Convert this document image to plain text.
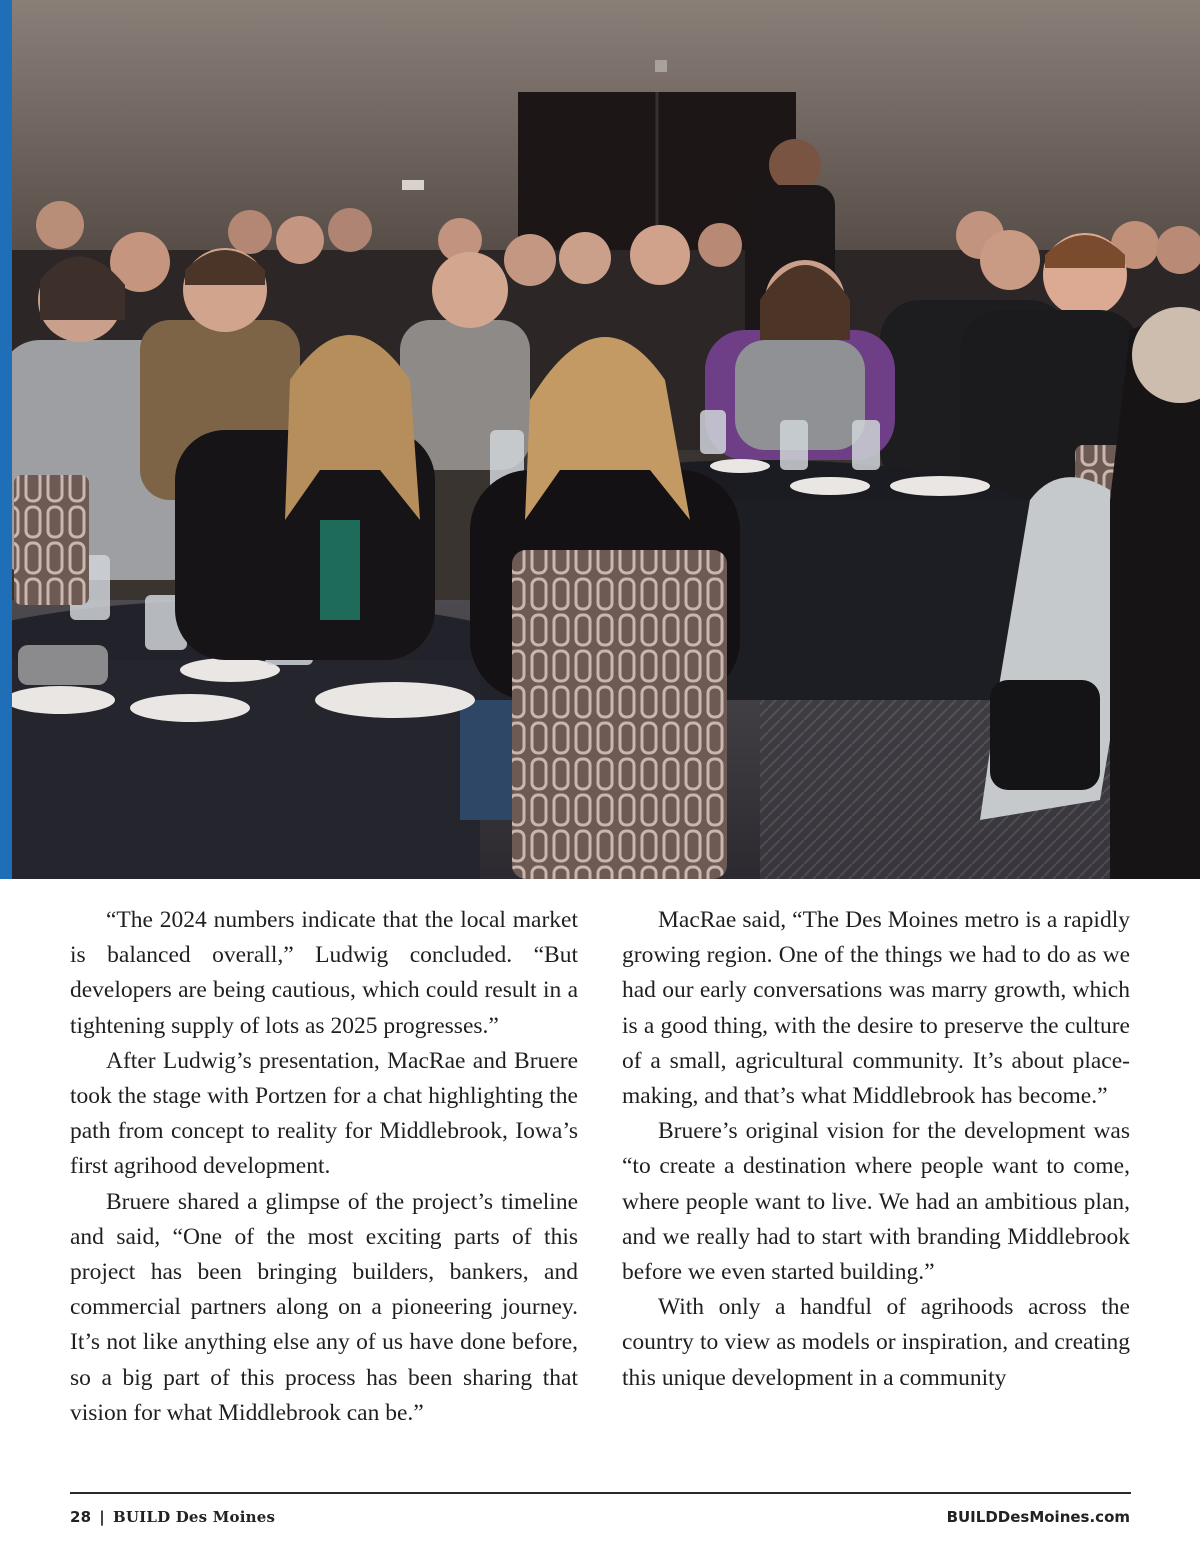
“The 2024 numbers indicate that the local market is balanced overall,” Ludwig concluded. “But developers are being cautious, which could result in a tightening supply of lots as 2025 progresses.”

After Ludwig’s presentation, MacRae and Bruere took the stage with Portzen for a chat highlighting the path from concept to reality for Middlebrook, Iowa’s first agrihood development.

Bruere shared a glimpse of the project’s timeline and said, “One of the most exciting parts of this project has been bringing builders, bankers, and commercial partners along on a pioneering journey. It’s not like anything else any of us have done before, so a big part of this process has been sharing that vision for what Middlebrook can be.”

MacRae said, “The Des Moines metro is a rapidly growing region. One of the things we had to do as we had our early conversations was marry growth, which is a good thing, with the desire to preserve the culture of a small, agricultural community. It’s about place-making, and that’s what Middlebrook has become.”

Bruere’s original vision for the development was “to create a destination where people want to come, where people want to live. We had an ambitious plan, and we really had to start with branding Middlebrook before we even started building.”

With only a handful of agrihoods across the country to view as models or inspiration, and creating this unique development in a community

28 | BUILD Des Moines	BUILDDesMoines.com
